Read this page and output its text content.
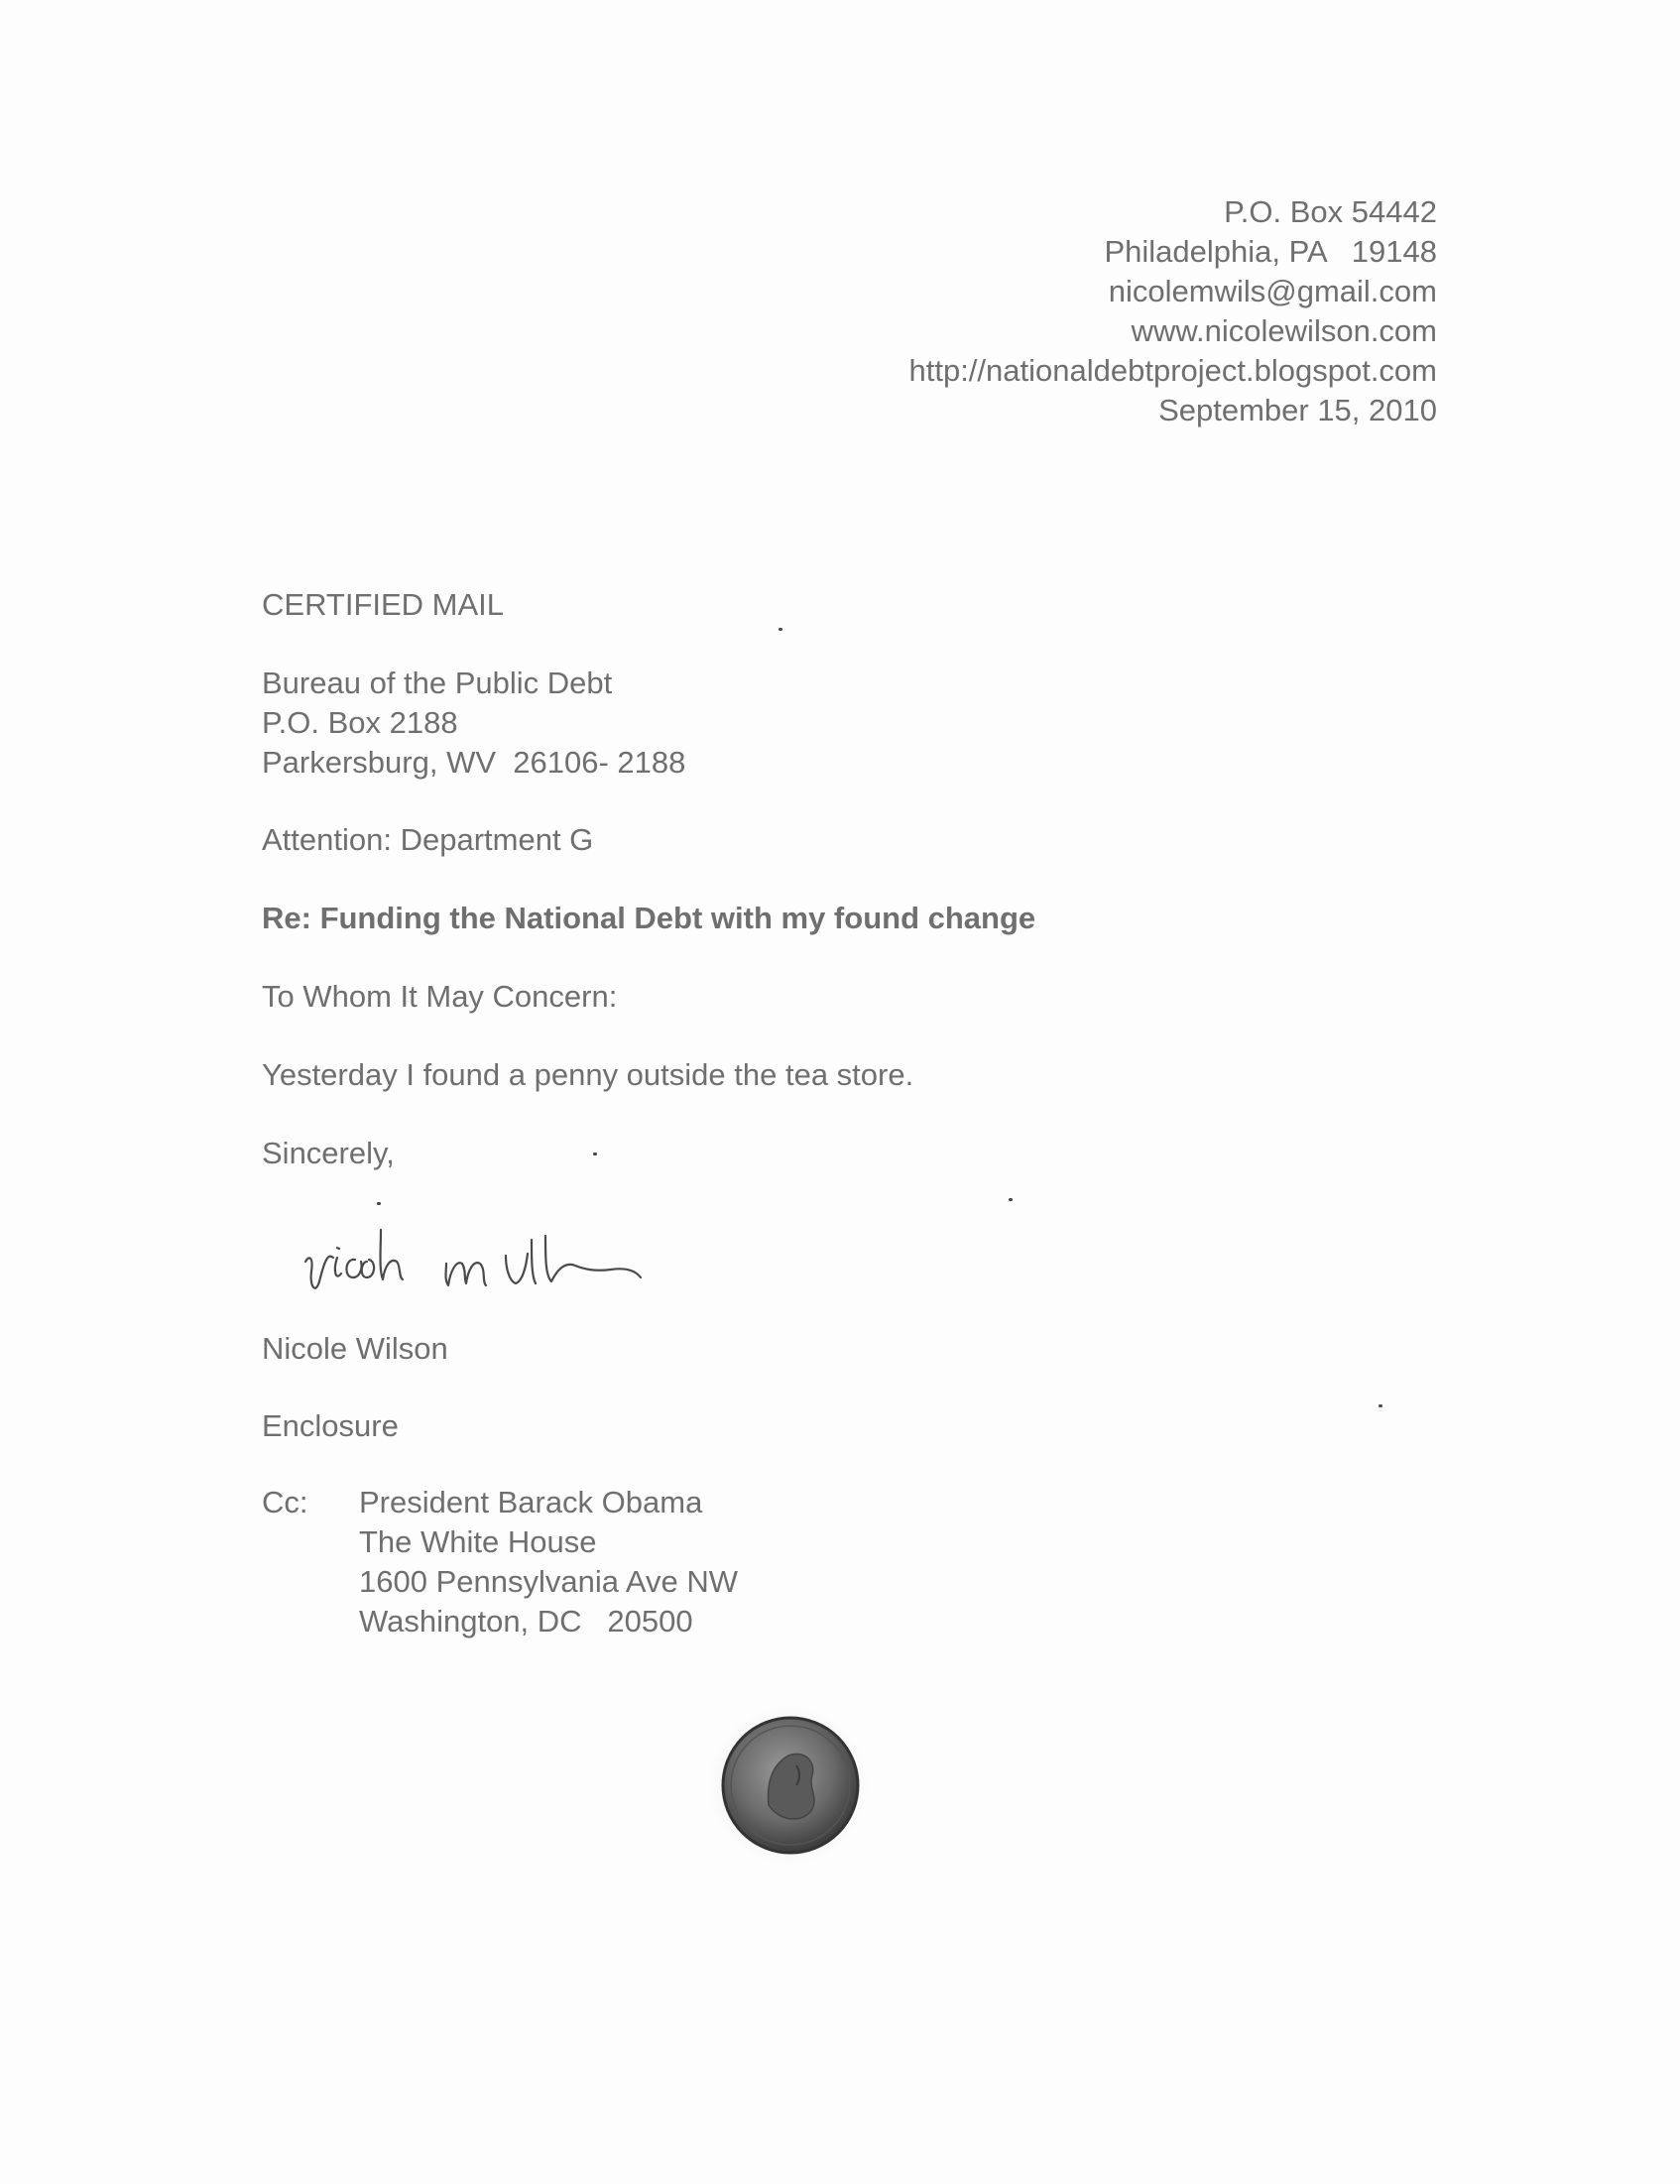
P.O. Box 54442
Philadelphia, PA   19148
nicolemwils@gmail.com
www.nicolewilson.com
http://nationaldebtproject.blogspot.com
September 15, 2010
CERTIFIED MAIL
Bureau of the Public Debt
P.O. Box 2188
Parkersburg, WV  26106- 2188
Attention: Department G
Re: Funding the National Debt with my found change
To Whom It May Concern:
Yesterday I found a penny outside the tea store.
Sincerely,
Nicole Wilson
Enclosure
Cc: President Barack Obama
The White House
1600 Pennsylvania Ave NW
Washington, DC   20500
